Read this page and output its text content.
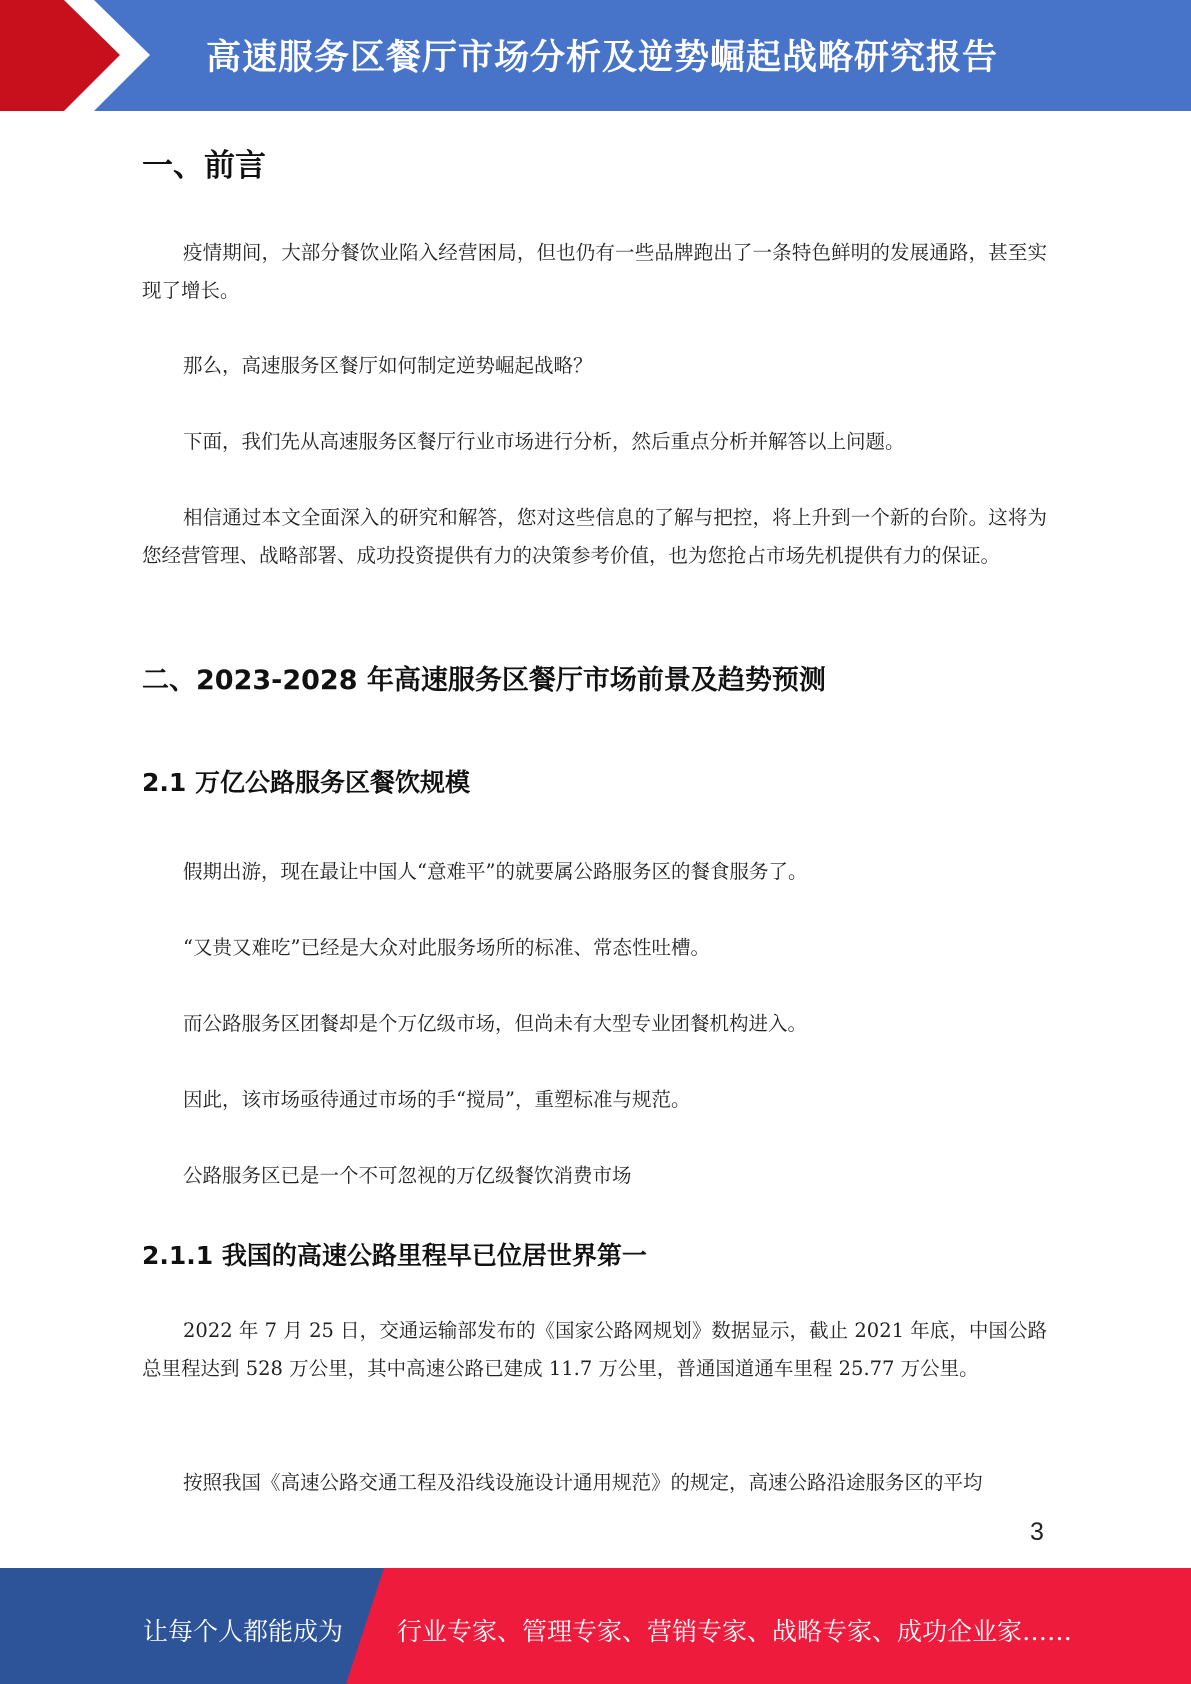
高速服务区餐厅市场分析及逆势崛起战略研究报告
一、前言

疫情期间，大部分餐饮业陷入经营困局，但也仍有一些品牌跑出了一条特色鲜明的发展通路，甚至实现了增长。

那么，高速服务区餐厅如何制定逆势崛起战略？

下面，我们先从高速服务区餐厅行业市场进行分析，然后重点分析并解答以上问题。

相信通过本文全面深入的研究和解答，您对这些信息的了解与把控，将上升到一个新的台阶。这将为您经营管理、战略部署、成功投资提供有力的决策参考价值，也为您抢占市场先机提供有力的保证。

二、2023-2028 年高速服务区餐厅市场前景及趋势预测
2.1 万亿公路服务区餐饮规模

假期出游，现在最让中国人“意难平”的就要属公路服务区的餐食服务了。

“又贵又难吃”已经是大众对此服务场所的标准、常态性吐槽。

而公路服务区团餐却是个万亿级市场，但尚未有大型专业团餐机构进入。

因此，该市场亟待通过市场的手“搅局”，重塑标准与规范。

公路服务区已是一个不可忽视的万亿级餐饮消费市场

2.1.1 我国的高速公路里程早已位居世界第一

2022 年 7 月 25 日，交通运输部发布的《国家公路网规划》数据显示，截止 2021 年底，中国公路总里程达到 528 万公里，其中高速公路已建成 11.7 万公里，普通国道通车里程 25.77 万公里。

按照我国《高速公路交通工程及沿线设施设计通用规范》的规定，高速公路沿途服务区的平均

3
让每个人都能成为 行业专家、管理专家、营销专家、战略专家、成功企业家……
